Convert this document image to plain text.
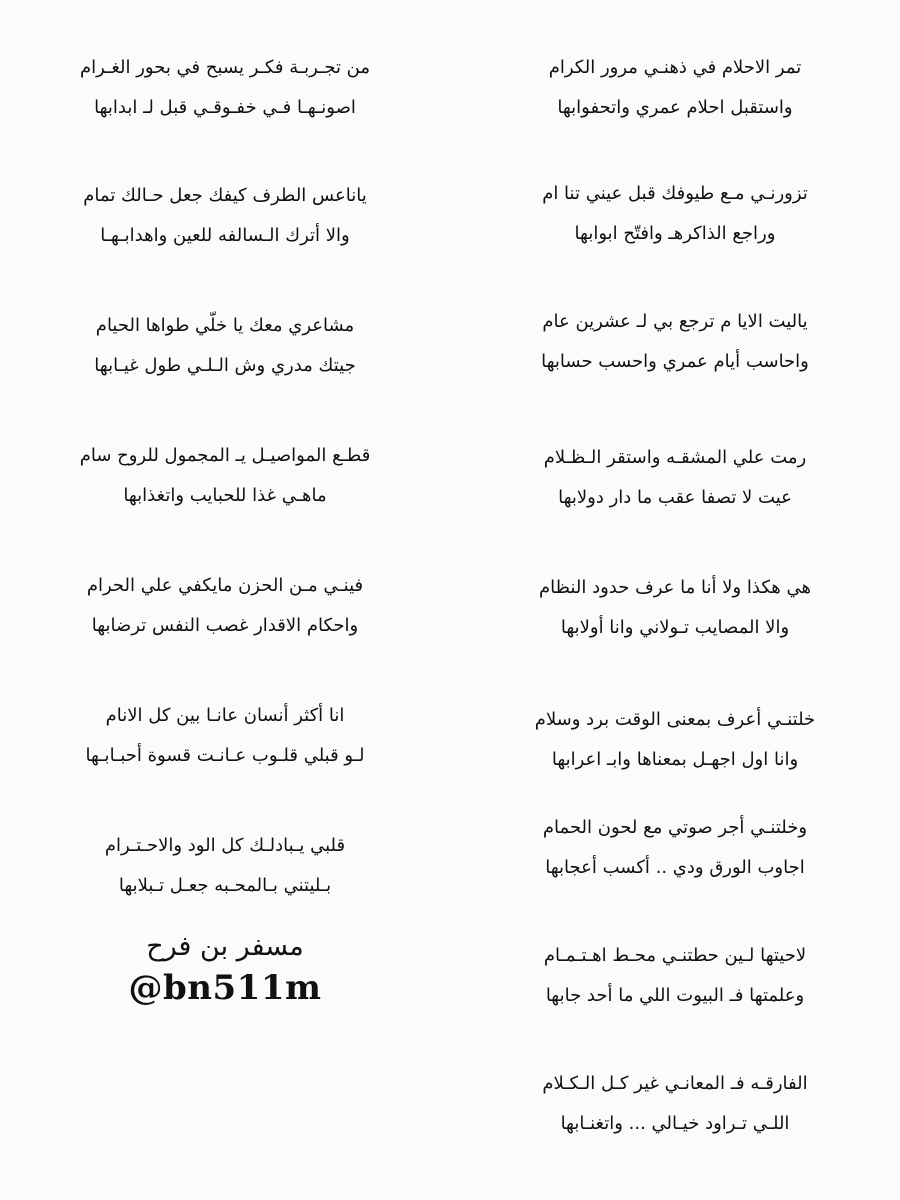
تمر الاحلام في ذهنـي مرور الكرام
واستقبل احلام عمري واتحفوابها
تزورنـي مـع طيوفك قبل عيني تنا ام
وراجع الذاكرهـ وافتّح ابوابها
ياليت الايا م ترجع بي لـ عشرين عام
واحاسب أيام عمري واحسب حسابها
رمت علي المشقـه واستقر الـظـلام
عيت لا تصفا عقب ما دار دولابها
هي هكذا ولا أنا ما عرف حدود النظام
والا المصايب تـولاني وانا أولابها
خلتنـي أعرف بمعنى الوقت برد وسلام
وانا اول اجهـل بمعناها وابـ اعرابها
وخلتنـي أجر صوتي مع لحون الحمام
اجاوب الورق ودي .. أكسب أعجابها
لاحيتها لـين حطتنـي محـط اهـتـمـام
وعلمتها فـ البيوت اللي ما أحد جابها
الفارقـه فـ المعانـي غير كـل الـكـلام
اللـي تـراود خيـالي ... واتغنـابها
من تجـربـة فكـر يسبح في بحور الغـرام
اصونـهـا فـي خفـوقـي قبل لـ ابدابها
ياناعس الطرف كيفك جعل حـالك تمام
والا أترك الـسالفه للعين واهدابـهـا
مشاعري معك يا خلّي طواها الحيام
جيتك مدري وش الـلـي طول غيـابها
قطـع المواصيـل يـ المجمول للروح سام
ماهـي غذا للحبايب واتغذابها
فينـي مـن الحزن مايكفي علي الحرام
واحكام الاقدار غصب النفس ترضابها
انا أكثر أنسان عانـا بين كل الانام
لـو قبلي قلـوب عـانـت قسوة أحبـابـها
قلبي يـبادلـك كل الود والاحـتـرام
بـليتني بـالمحـبه جعـل تـبلابها
مسفر بن فرح
@bn511m
